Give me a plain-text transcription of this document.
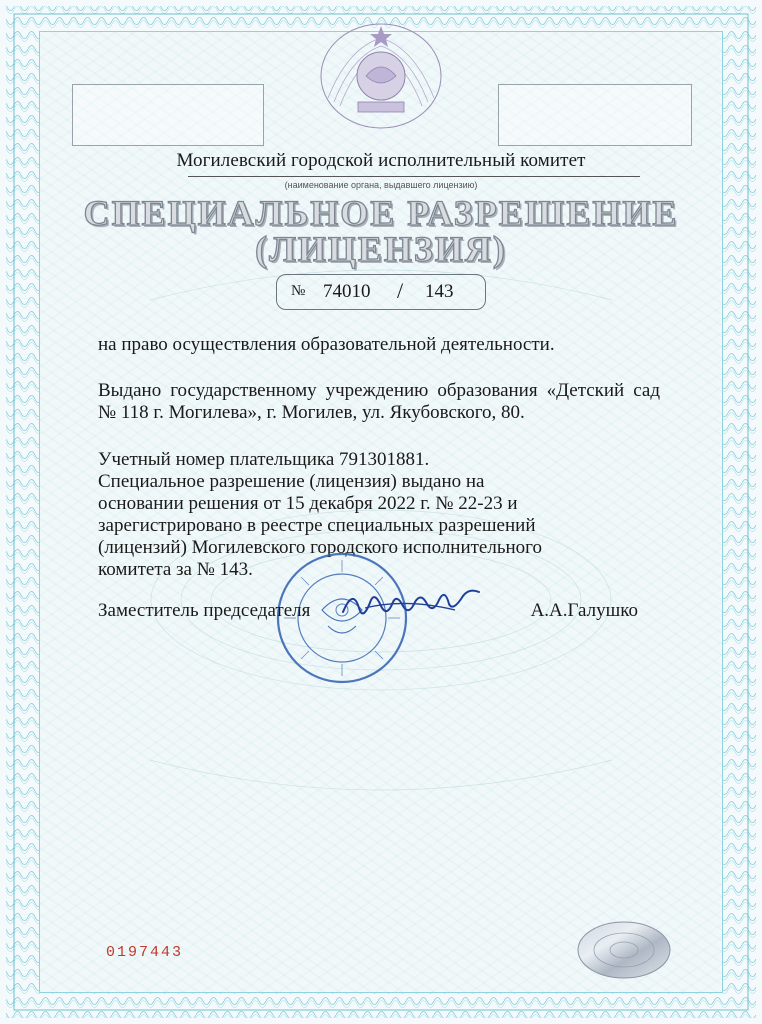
Могилевский городской исполнительный комитет
(наименование органа, выдавшего лицензию)
СПЕЦИАЛЬНОЕ РАЗРЕШЕНИЕ
(ЛИЦЕНЗИЯ)
№ 74010 / 143
на право осуществления образовательной деятельности.
Выдано государственному учреждению образования «Детский сад № 118 г. Могилева», г. Могилев, ул. Якубовского, 80.
Учетный номер плательщика 791301881.
Специальное разрешение (лицензия) выдано на основании решения от 15 декабря 2022 г. № 22-23 и зарегистрировано в реестре специальных разрешений (лицензий) Могилевского городского исполнительного комитета за № 143.
Заместитель председателя	А.А.Галушко
0197443
